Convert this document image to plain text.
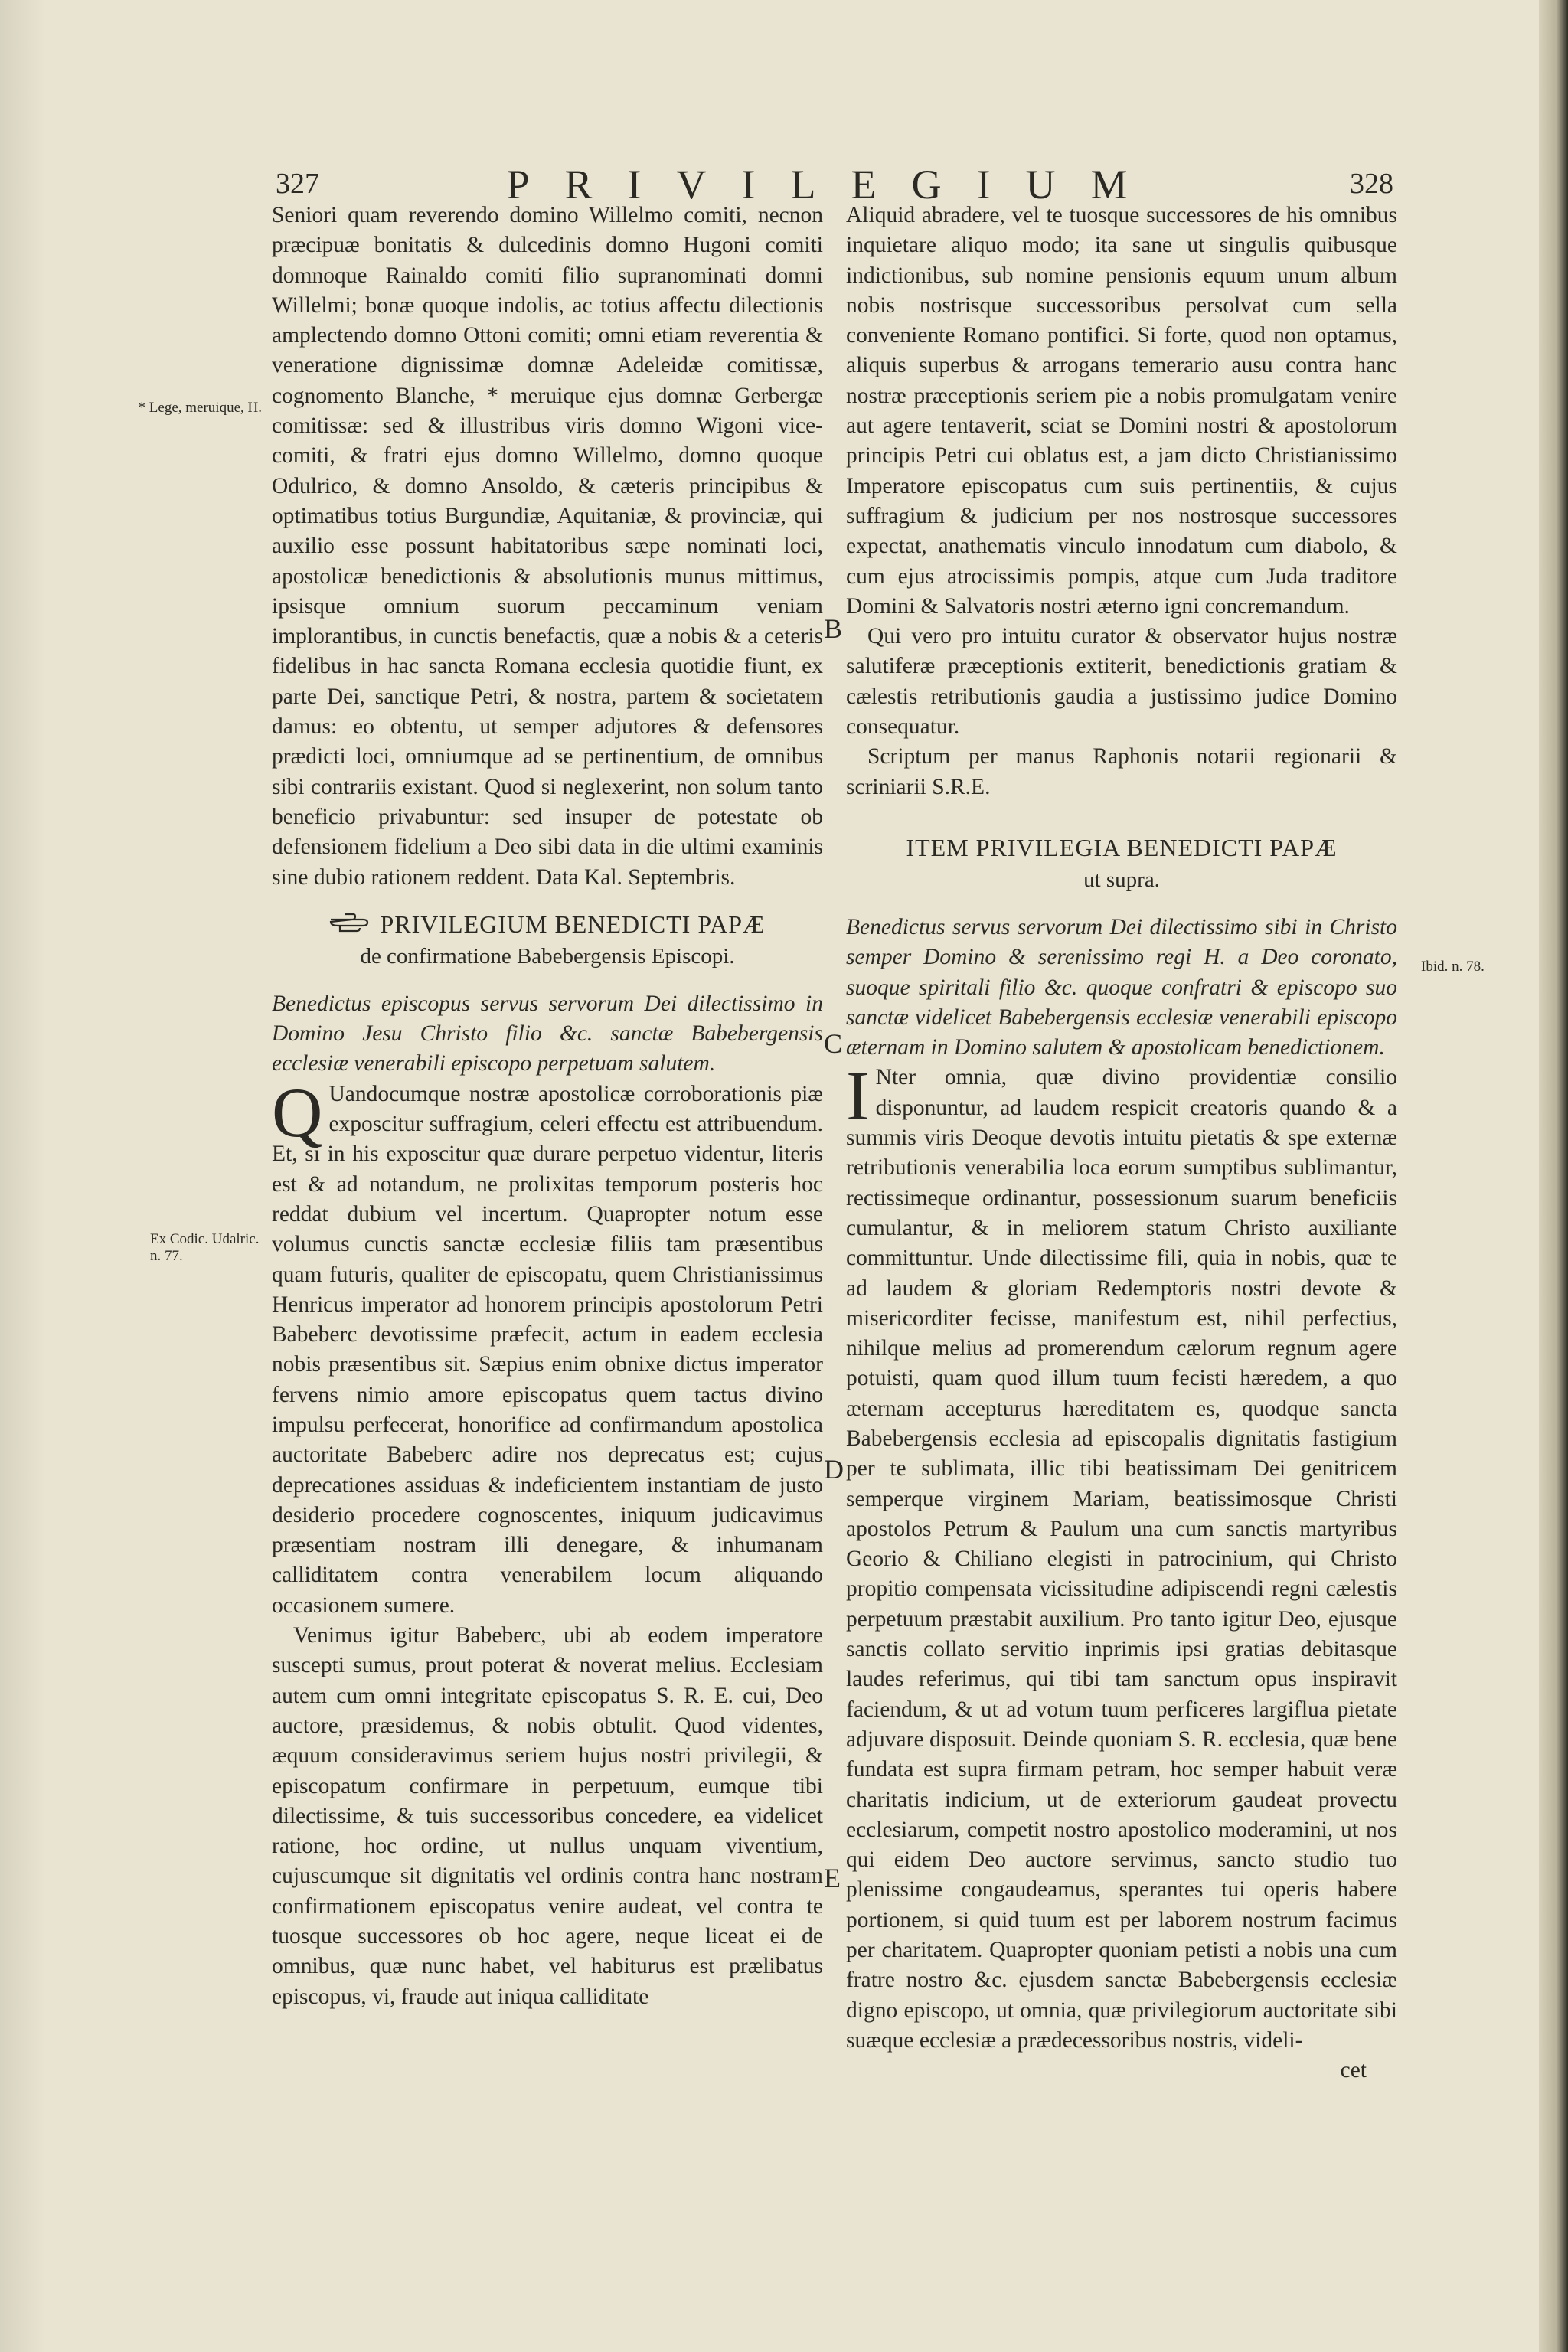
327	PRIVILEGIUM	328

Seniori quam reverendo domino Willelmo comiti, necnon præcipuæ bonitatis & dulcedinis domno Hugoni comiti domnoque Rainaldo comiti filio supranominati domni Willelmi; bonæ quoque indolis, ac totius affectu dilectionis amplectendo domno Ottoni comiti; omni etiam reverentia & veneratione dignissimæ domnæ Adeleidæ comitissæ, cognomento Blanche, * meruique ejus domnæ Gerbergæ comitissæ: sed & illustribus viris domno Wigoni vice-comiti, & fratri ejus domno Willelmo, domno quoque Odulrico, & domno Ansoldo, & cæteris principibus & optimatibus totius Burgundiæ, Aquitaniæ, & provinciæ, qui auxilio esse possunt habitatoribus sæpe nominati loci, apostolicæ benedictionis & absolutionis munus mittimus, ipsisque omnium suorum peccaminum veniam implorantibus, in cunctis benefactis, quæ a nobis & a ceteris fidelibus in hac sancta Romana ecclesia quotidie fiunt, ex parte Dei, sanctique Petri, & nostra, partem & societatem damus: eo obtentu, ut semper adjutores & defensores prædicti loci, omniumque ad se pertinentium, de omnibus sibi contrariis existant. Quod si neglexerint, non solum tanto beneficio privabuntur: sed insuper de potestate ob defensionem fidelium a Deo sibi data in die ultimi examinis sine dubio rationem reddent. Data Kal. Septembris.

PRIVILEGIUM BENEDICTI PAPÆ
de confirmatione Babebergensis Episcopi.

Benedictus episcopus servus servorum Dei dilectissimo in Domino Jesu Christo filio &c. sanctæ Babebergensis ecclesiæ venerabili episcopo perpetuam salutem.

Q Uandocumque nostræ apostolicæ corroborationis piæ exposcitur suffragium, celeri effectu est attribuendum. Et, si in his exposcitur quæ durare perpetuo videntur, literis est & ad notandum, ne prolixitas temporum posteris hoc reddat dubium vel incertum. Quapropter notum esse volumus cunctis sanctæ ecclesiæ filiis tam præsentibus quam futuris, qualiter de episcopatu, quem Christianissimus Henricus imperator ad honorem principis apostolorum Petri Babeberc devotissime præfecit, actum in eadem ecclesia nobis præsentibus sit. Sæpius enim obnixe dictus imperator fervens nimio amore episcopatus quem tactus divino impulsu perfecerat, honorifice ad confirmandum apostolica auctoritate Babeberc adire nos deprecatus est; cujus deprecationes assiduas & indeficientem instantiam de justo desiderio procedere cognoscentes, iniquum judicavimus præsentiam nostram illi denegare, & inhumanam calliditatem contra venerabilem locum aliquando occasionem sumere.

Venimus igitur Babeberc, ubi ab eodem imperatore suscepti sumus, prout poterat & noverat melius. Ecclesiam autem cum omni integritate episcopatus S. R. E. cui, Deo auctore, præsidemus, & nobis obtulit. Quod videntes, æquum consideravimus seriem hujus nostri privilegii, & episcopatum confirmare in perpetuum, eumque tibi dilectissime, & tuis successoribus concedere, ea videlicet ratione, hoc ordine, ut nullus unquam viventium, cujuscumque sit dignitatis vel ordinis contra hanc nostram confirmationem episcopatus venire audeat, vel contra te tuosque successores ob hoc agere, neque liceat ei de omnibus, quæ nunc habet, vel habiturus est prælibatus episcopus, vi, fraude aut iniqua calliditate

Aliquid abradere, vel te tuosque successores de his omnibus inquietare aliquo modo; ita sane ut singulis quibusque indictionibus, sub nomine pensionis equum unum album nobis nostrisque successoribus persolvat cum sella conveniente Romano pontifici. Si forte, quod non optamus, aliquis superbus & arrogans temerario ausu contra hanc nostræ præceptionis seriem pie a nobis promulgatam venire aut agere tentaverit, sciat se Domini nostri & apostolorum principis Petri cui oblatus est, a jam dicto Christianissimo Imperatore episcopatus cum suis pertinentiis, & cujus suffragium & judicium per nos nostrosque successores expectat, anathematis vinculo innodatum cum diabolo, & cum ejus atrocissimis pompis, atque cum Juda traditore Domini & Salvatoris nostri æterno igni concremandum.

Qui vero pro intuitu curator & observator hujus nostræ salutiferæ præceptionis extiterit, benedictionis gratiam & cælestis retributionis gaudia a justissimo judice Domino consequatur.

Scriptum per manus Raphonis notarii regionarii & scriniarii S.R.E.

ITEM PRIVILEGIA BENEDICTI PAPÆ
ut supra.

Benedictus servus servorum Dei dilectissimo sibi in Christo semper Domino & serenissimo regi H. a Deo coronato, suoque spiritali filio &c. quoque confratri & episcopo suo sanctæ videlicet Babebergensis ecclesiæ venerabili episcopo æternam in Domino salutem & apostolicam benedictionem.

I Nter omnia, quæ divino providentiæ consilio disponuntur, ad laudem respicit creatoris quando & a summis viris Deoque devotis intuitu pietatis & spe externæ retributionis venerabilia loca eorum sumptibus sublimantur, rectissimeque ordinantur, possessionum suarum beneficiis cumulantur, & in meliorem statum Christo auxiliante committuntur. Unde dilectissime fili, quia in nobis, quæ te ad laudem & gloriam Redemptoris nostri devote & misericorditer fecisse, manifestum est, nihil perfectius, nihilque melius ad promerendum cælorum regnum agere potuisti, quam quod illum tuum fecisti hæredem, a quo æternam accepturus hæreditatem es, quodque sancta Babebergensis ecclesia ad episcopalis dignitatis fastigium per te sublimata, illic tibi beatissimam Dei genitricem semperque virginem Mariam, beatissimosque Christi apostolos Petrum & Paulum una cum sanctis martyribus Georio & Chiliano elegisti in patrocinium, qui Christo propitio compensata vicissitudine adipiscendi regni cælestis perpetuum præstabit auxilium. Pro tanto igitur Deo, ejusque sanctis collato servitio inprimis ipsi gratias debitasque laudes referimus, qui tibi tam sanctum opus inspiravit faciendum, & ut ad votum tuum perficeres largiflua pietate adjuvare disposuit. Deinde quoniam S. R. ecclesia, quæ bene fundata est supra firmam petram, hoc semper habuit veræ charitatis indicium, ut de exteriorum gaudeat provectu ecclesiarum, competit nostro apostolico moderamini, ut nos qui eidem Deo auctore servimus, sancto studio tuo plenissime congaudeamus, sperantes tui operis habere portionem, si quid tuum est per laborem nostrum facimus per charitatem. Quapropter quoniam petisti a nobis una cum fratre nostro &c. ejusdem sanctæ Babebergensis ecclesiæ digno episcopo, ut omnia, quæ privilegiorum auctoritate sibi suæque ecclesiæ a prædecessoribus nostris, videli-

cet

* Lege, meruique, H.
Ex Codic. Udalric. n. 77.
Ibid. n. 78.
B
C
D
E
